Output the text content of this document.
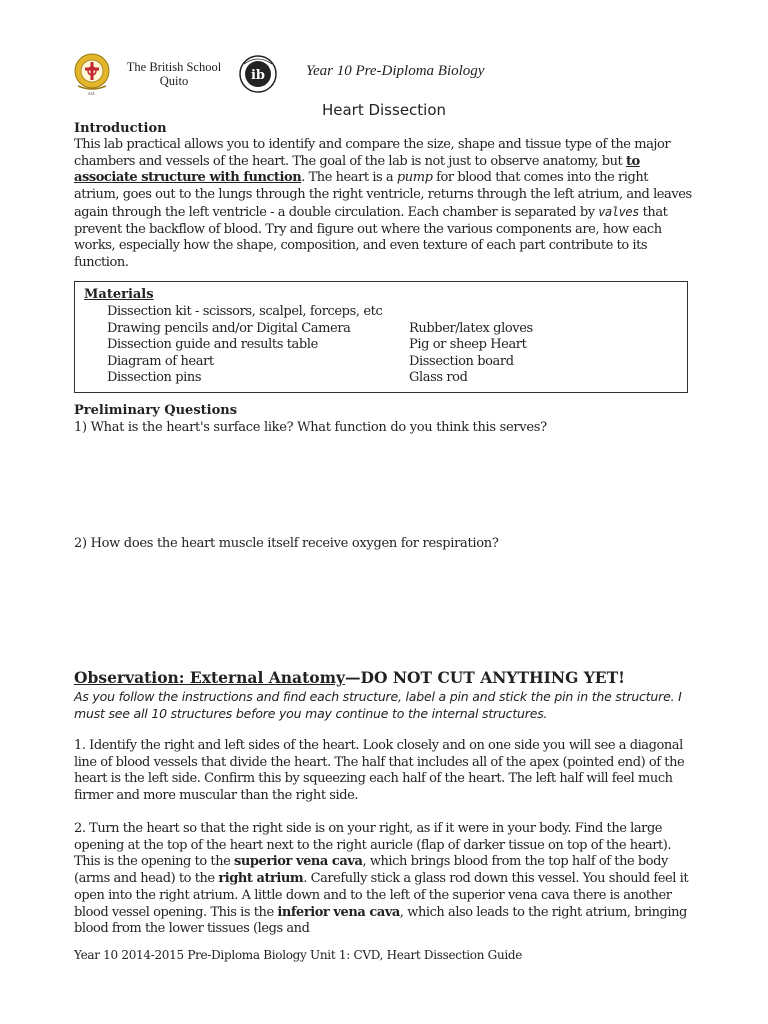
est.
The British School
Quito	ib	Year 10 Pre-Diploma Biology
Heart Dissection
Introduction

This lab practical allows you to identify and compare the size, shape and tissue type of the major chambers and vessels of the heart. The goal of the lab is not just to observe anatomy, but to associate structure with function. The heart is a pump for blood that comes into the right atrium, goes out to the lungs through the right ventricle, returns through the left atrium, and leaves again through the left ventricle - a double circulation. Each chamber is separated by valves that prevent the backflow of blood. Try and figure out where the various components are, how each works, especially how the shape, composition, and even texture of each part contribute to its function.

Materials
Dissection kit - scissors, scalpel, forceps, etc
Drawing pencils and/or Digital Camera
Dissection guide and results table
Diagram of heart
Dissection pins
Rubber/latex gloves
Pig or sheep Heart
Dissection board
Glass rod
Preliminary Questions
1) What is the heart's surface like? What function do you think this serves?
2) How does the heart muscle itself receive oxygen for respiration?
Observation: External Anatomy—DO NOT CUT ANYTHING YET!

As you follow the instructions and find each structure, label a pin and stick the pin in the structure. I must see all 10 structures before you may continue to the internal structures.

1. Identify the right and left sides of the heart. Look closely and on one side you will see a diagonal line of blood vessels that divide the heart. The half that includes all of the apex (pointed end) of the heart is the left side. Confirm this by squeezing each half of the heart. The left half will feel much firmer and more muscular than the right side.

2. Turn the heart so that the right side is on your right, as if it were in your body. Find the large opening at the top of the heart next to the right auricle (flap of darker tissue on top of the heart). This is the opening to the superior vena cava, which brings blood from the top half of the body (arms and head) to the right atrium. Carefully stick a glass rod down this vessel. You should feel it open into the right atrium. A little down and to the left of the superior vena cava there is another blood vessel opening. This is the inferior vena cava, which also leads to the right atrium, bringing blood from the lower tissues (legs and

Year 10 2014-2015 Pre-Diploma Biology Unit 1: CVD, Heart Dissection Guide
